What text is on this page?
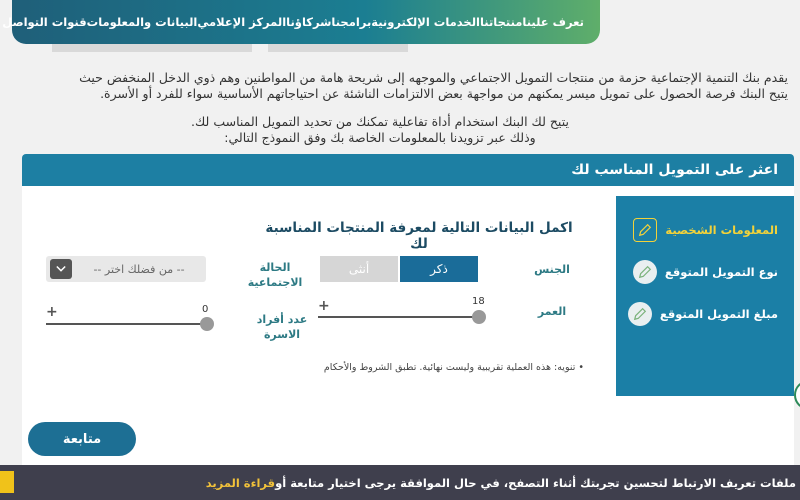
تعرف علينا
منتجاتنا
الخدمات الإلكترونية
برامجنا
شركاؤنا
المركز الإعلامي
البيانات والمعلومات
قنوات التواصل

يقدم بنك التنمية الإجتماعية حزمة من منتجات التمويل الاجتماعي والموجهه إلى شريحة هامة من المواطنين وهم ذوي الدخل المنخفض حيث يتيح البنك فرصة الحصول على تمويل ميسر يمكنهم من مواجهة بعض الالتزامات الناشئة عن احتياجاتهم الأساسية سواء للفرد أو الأسرة.

يتيح لك البنك استخدام أداة تفاعلية تمكنك من تحديد التمويل المناسب لك.
وذلك عبر تزويدنا بالمعلومات الخاصة بك وفق النموذج التالي:
اعثر على التمويل المناسب لك
المعلومات الشخصية
نوع التمويل المتوقع
مبلغ التمويل المتوقع
اكمل البيانات التالية لمعرفة المنتجات المناسبة لك
الجنس
ذكر
أنثى
الحالة الاجتماعية
-- من فضلك اختر --
العمر
+	18
عدد أفراد الاسرة
+	0
• تنويه: هذه العملية تقريبية وليست نهائية. تطبق الشروط والأحكام
متابعة
ملفات تعريف الارتباط لتحسين تجربتك أثناء التصفح، في حال الموافقة يرجى اختيار متابعة أو
قراءة المزيد
